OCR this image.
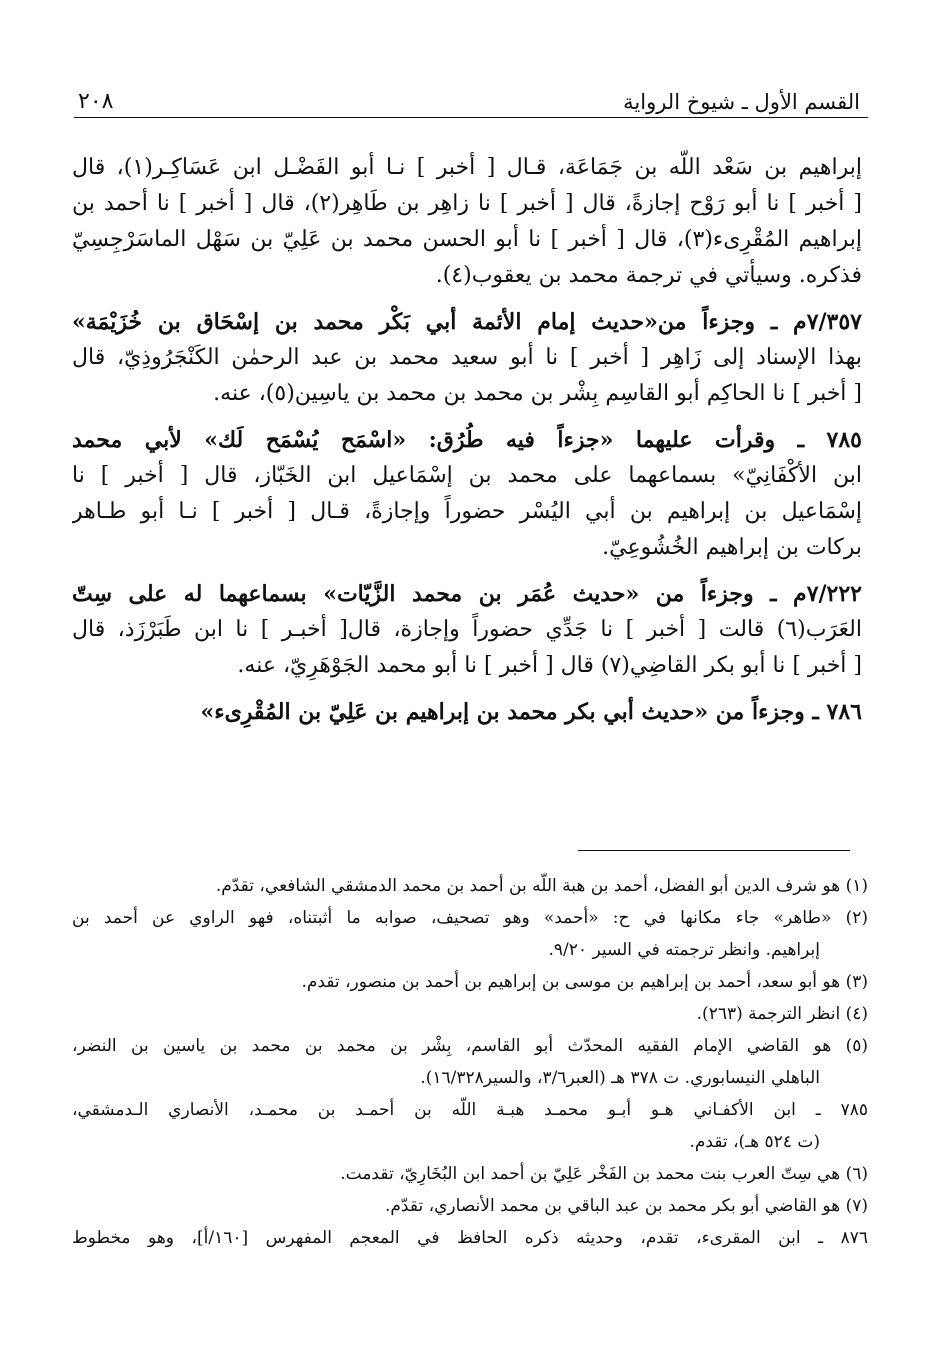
القسم الأول ـ شيوخ الرواية
٢٠٨
إبراهيم بن سَعْد اللّه بن جَمَاعَة، قـال [ أخبر ] نـا أبو الفَضْـل ابن عَسَاكِـر(١)، قال
[ أخبر ] نا أبو رَوْح إجازةً، قال [ أخبر ] نا زاهِر بن طَاهِر(٢)، قال [ أخبر ] نا أحمد بن
إبراهيم المُقْرِىء(٣)، قال [ أخبر ] نا أبو الحسن محمد بن عَلِيّ بن سَهْل الماسَرْجِسِيّ
فذكره. وسيأتي في ترجمة محمد بن يعقوب(٤).
٧/٣٥٧م ـ وجزءاً من«حديث إمام الأئمة أبي بَكْر محمد بن إسْحَاق بن خُزَيْمَة»
بهذا الإسناد إلى زَاهِر [ أخبر ] نا أبو سعيد محمد بن عبد الرحمٰن الكَنْجَرُوذِيّ، قال
[ أخبر ] نا الحاكِم أبو القاسِم بِشْر بن محمد بن محمد بن ياسِين(٥)، عنه.
٧٨٥ ـ وقرأت عليهما «جزءاً فيه طُرُق: «اسْمَح يُسْمَح لَك» لأبي محمد
ابن الأكْفَانِيّ» بسماعهما على محمد بن إسْمَاعيل ابن الخَبّاز، قال [ أخبر ] نا
إسْمَاعيل بن إبراهيم بن أبي اليُسْر حضوراً وإجازةً، قـال [ أخبر ] نـا أبو طـاهر
بركات بن إبراهيم الخُشُوعِيّ.
٧/٢٢٢م ـ وجزءاً من «حديث عُمَر بن محمد الزَّيّات» بسماعهما له على سِتّ
العَرَب(٦) قالت [ أخبر ] نا جَدِّي حضوراً وإجازة، قال[ أخبـر ] نا ابن طَبَرْزَذ، قال
[ أخبر ] نا أبو بكر القاضِي(٧) قال [ أخبر ] نا أبو محمد الجَوْهَرِيّ، عنه.
٧٨٦ ـ وجزءاً من «حديث أبي بكر محمد بن إبراهيم بن عَلِيّ بن المُقْرِىء»
(١) هو شرف الدين أبو الفضل، أحمد بن هبة اللّه بن أحمد بن محمد الدمشقي الشافعي، تقدّم.
(٢) «طاهر» جاء مكانها في ح: «أحمد» وهو تصحيف، صوابه ما أثبتناه، فهو الراوي عن أحمد بن
إبراهيم. وانظر ترجمته في السير ٩/٢٠.
(٣) هو أبو سعد، أحمد بن إبراهيم بن موسى بن إبراهيم بن أحمد بن منصور، تقدم.
(٤) انظر الترجمة (٢٦٣).
(٥) هو القاضي الإمام الفقيه المحدّث أبو القاسم، بِشْر بن محمد بن محمد بن ياسين بن النضر،
الباهلي النيسابوري. ت ٣٧٨ هـ (العبر٣/٦، والسير١٦/٣٢٨).
٧٨٥ ـ ابن الأكفـاني هـو أبـو محمـد هبـة اللّه بن أحمـد بن محمـد، الأنصاري الـدمشقي،
(ت ٥٢٤ هـ)، تقدم.
(٦) هي سِتّ العرب بنت محمد بن الفَخْر عَلِيّ بن أحمد ابن البُخَارِيّ، تقدمت.
(٧) هو القاضي أبو بكر محمد بن عبد الباقي بن محمد الأنصاري، تقدّم.
٨٧٦ ـ ابن المقرىء، تقدم، وحديثه ذكره الحافظ في المعجم المفهرس [١٦٠/أ]، وهو مخطوط
